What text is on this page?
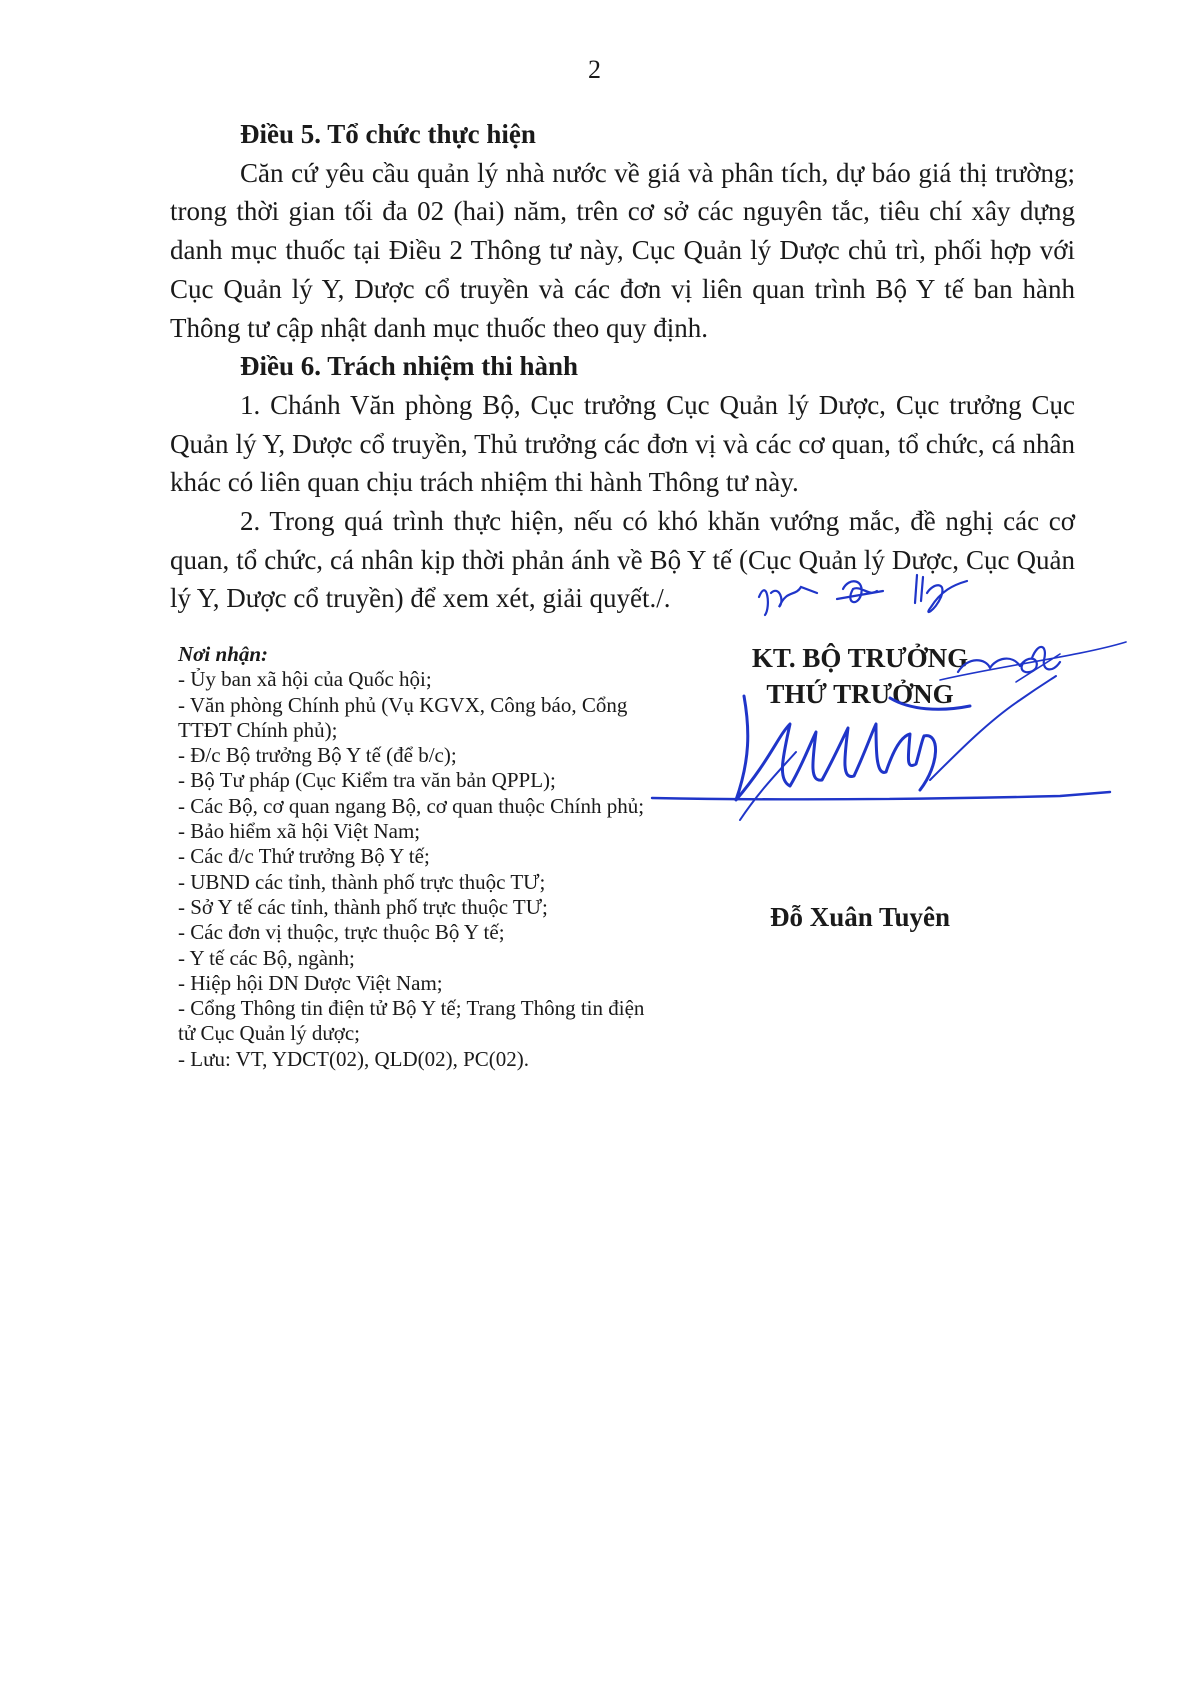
2

Điều 5. Tổ chức thực hiện

Căn cứ yêu cầu quản lý nhà nước về giá và phân tích, dự báo giá thị trường; trong thời gian tối đa 02 (hai) năm, trên cơ sở các nguyên tắc, tiêu chí xây dựng danh mục thuốc tại Điều 2 Thông tư này, Cục Quản lý Dược chủ trì, phối hợp với Cục Quản lý Y, Dược cổ truyền và các đơn vị liên quan trình Bộ Y tế ban hành Thông tư cập nhật danh mục thuốc theo quy định.

Điều 6. Trách nhiệm thi hành

1. Chánh Văn phòng Bộ, Cục trưởng Cục Quản lý Dược, Cục trưởng Cục Quản lý Y, Dược cổ truyền, Thủ trưởng các đơn vị và các cơ quan, tổ chức, cá nhân khác có liên quan chịu trách nhiệm thi hành Thông tư này.

2. Trong quá trình thực hiện, nếu có khó khăn vướng mắc, đề nghị các cơ quan, tổ chức, cá nhân kịp thời phản ánh về Bộ Y tế (Cục Quản lý Dược, Cục Quản lý Y, Dược cổ truyền) để xem xét, giải quyết./.

Nơi nhận:
- Ủy ban xã hội của Quốc hội;
- Văn phòng Chính phủ (Vụ KGVX, Công báo, Cổng TTĐT Chính phủ);
- Đ/c Bộ trưởng Bộ Y tế (để b/c);
- Bộ Tư pháp (Cục Kiểm tra văn bản QPPL);
- Các Bộ, cơ quan ngang Bộ, cơ quan thuộc Chính phủ;
- Bảo hiểm xã hội Việt Nam;
- Các đ/c Thứ trưởng Bộ Y tế;
- UBND các tỉnh, thành phố trực thuộc TƯ;
- Sở Y tế các tỉnh, thành phố trực thuộc TƯ;
- Các đơn vị thuộc, trực thuộc Bộ Y tế;
- Y tế các Bộ, ngành;
- Hiệp hội DN Dược Việt Nam;
- Cổng Thông tin điện tử Bộ Y tế; Trang Thông tin điện tử Cục Quản lý dược;
- Lưu: VT, YDCT(02), QLD(02), PC(02).
KT. BỘ TRƯỞNG
THỨ TRƯỞNG
Đỗ Xuân Tuyên
